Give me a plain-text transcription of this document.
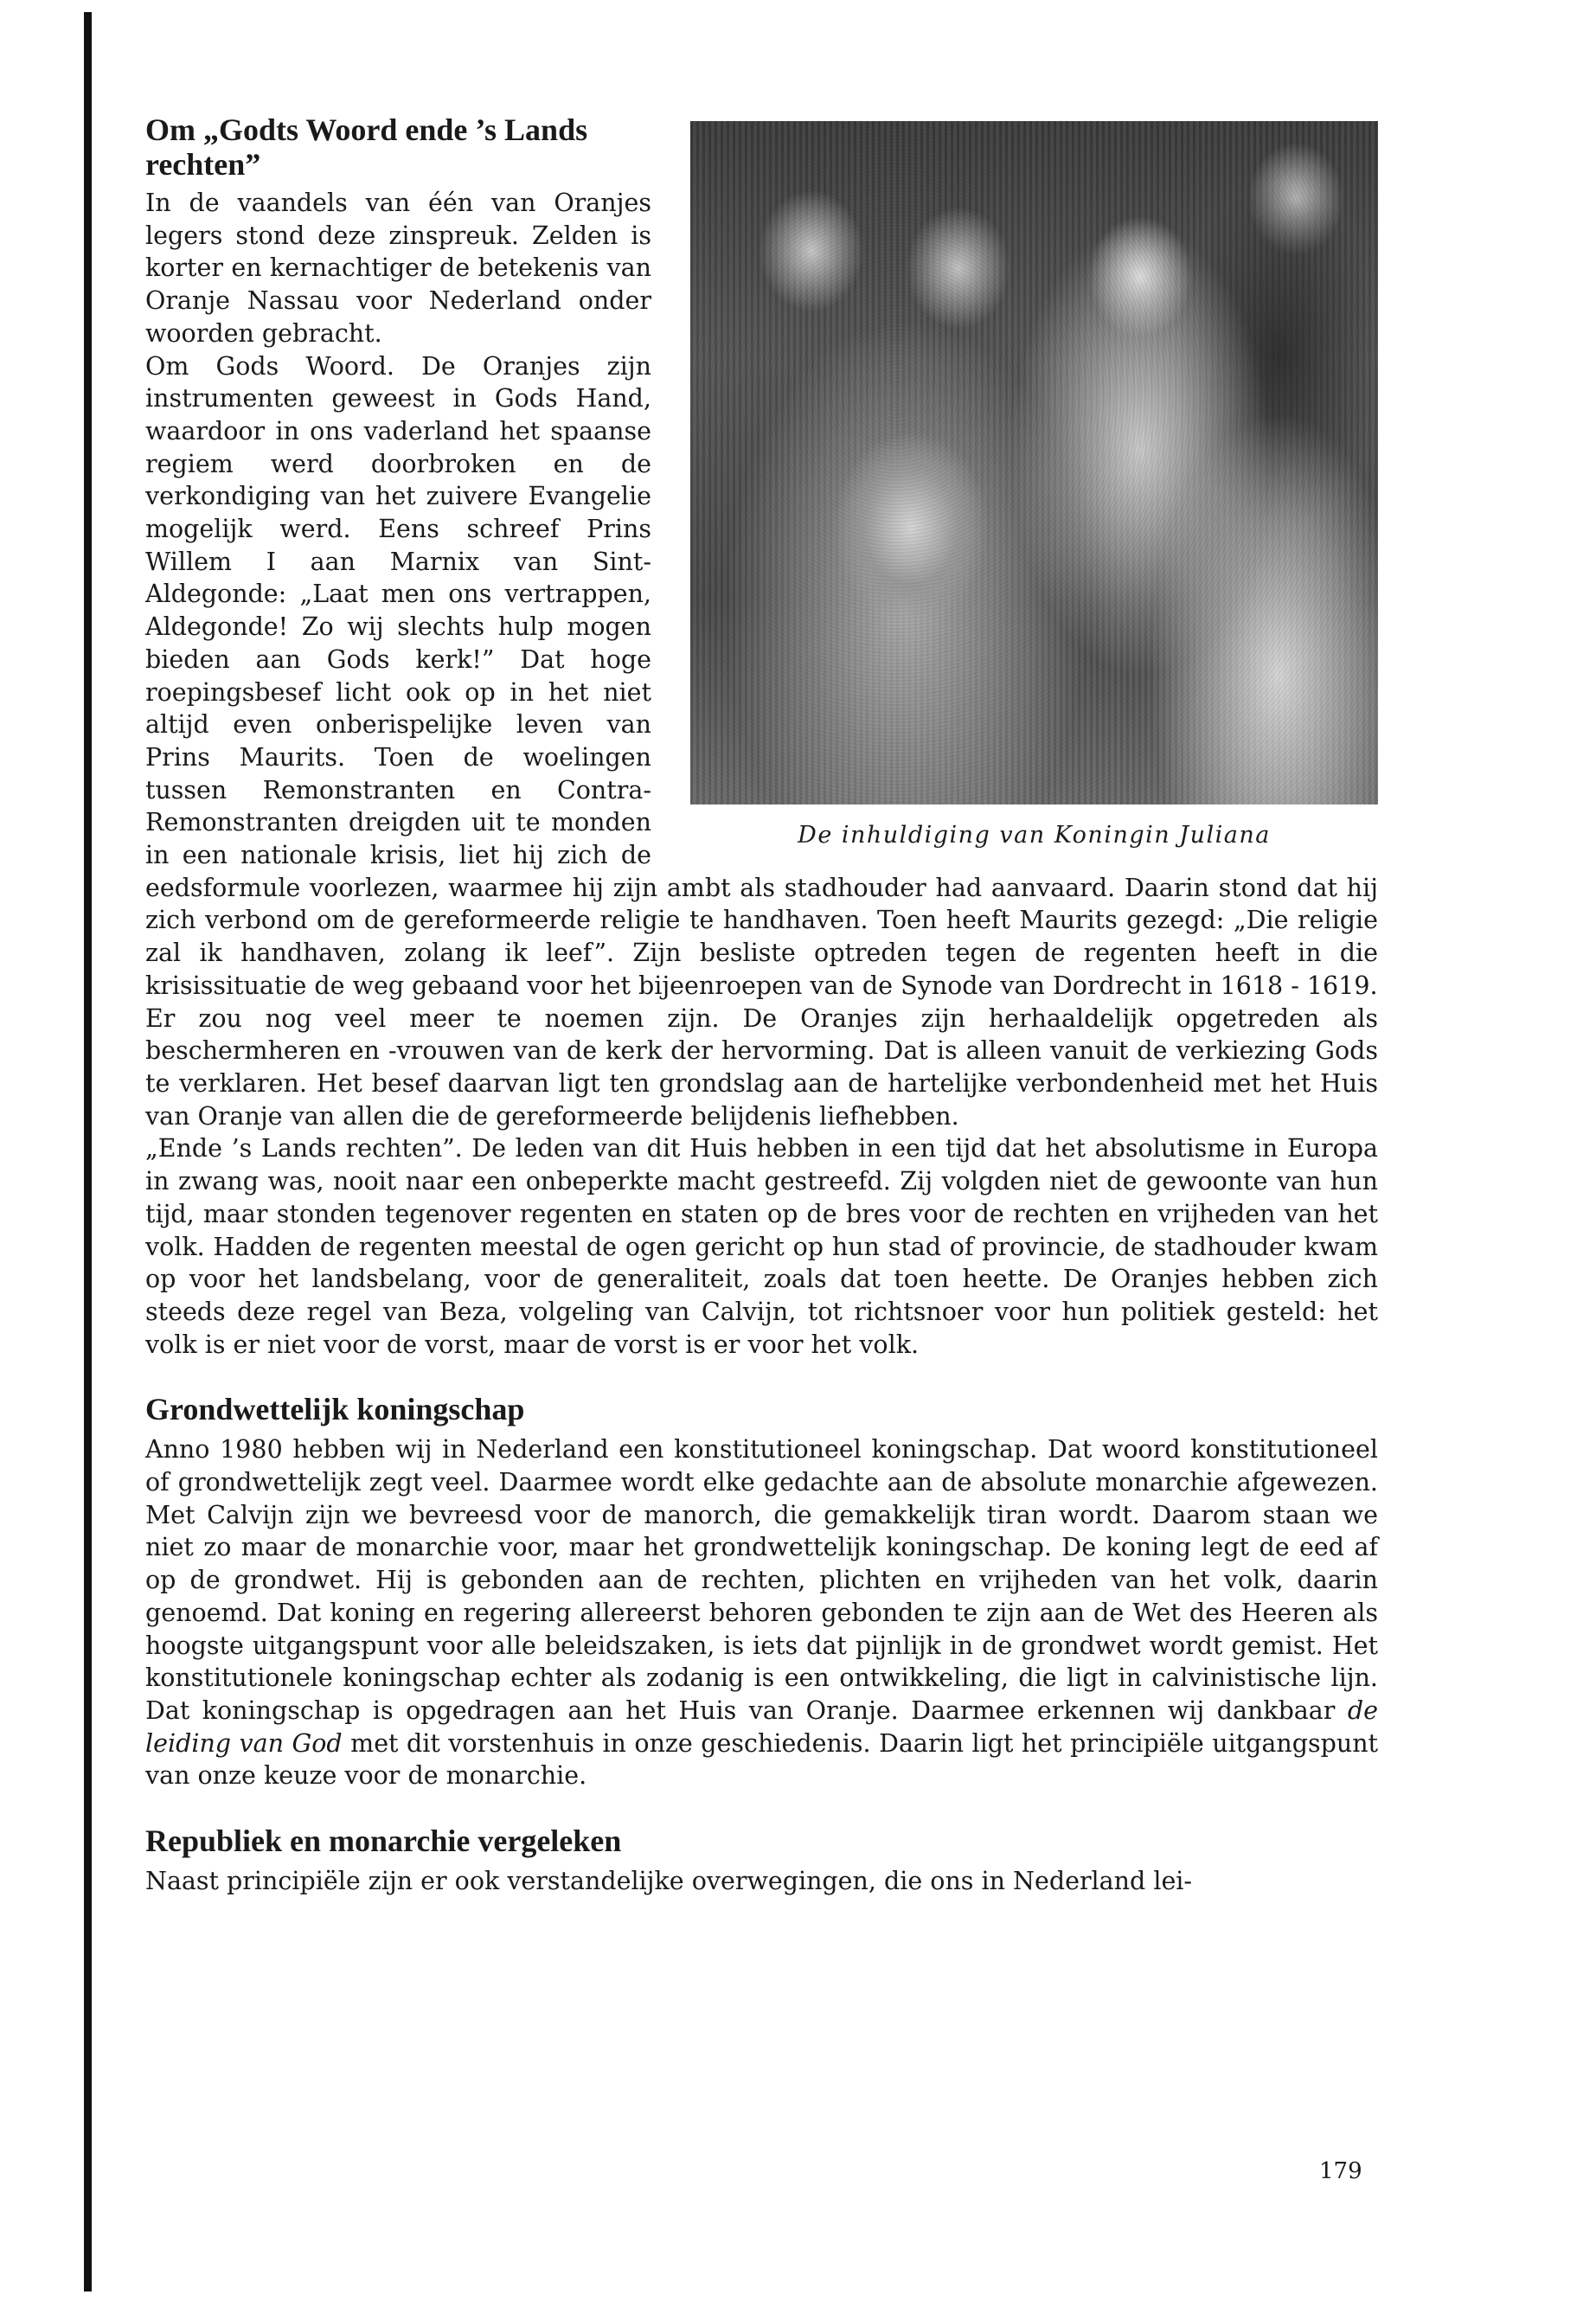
De inhuldiging van Koningin Juliana
Om „Godts Woord ende ’s Lands rechten”

In de vaandels van één van Oranjes legers stond deze zinspreuk. Zelden is korter en kernachtiger de betekenis van Oranje Nassau voor Nederland onder woorden gebracht.

Om Gods Woord. De Oranjes zijn instrumenten geweest in Gods Hand, waardoor in ons vaderland het spaanse regiem werd doorbroken en de verkondiging van het zuivere Evangelie mogelijk werd. Eens schreef Prins Willem I aan Marnix van Sint-Aldegonde: „Laat men ons vertrappen, Aldegonde! Zo wij slechts hulp mogen bieden aan Gods kerk!” Dat hoge roepingsbesef licht ook op in het niet altijd even onberispelijke leven van Prins Maurits. Toen de woelingen tussen Remonstranten en Contra-Remonstranten dreigden uit te monden in een nationale krisis, liet hij zich de eedsformule voorlezen, waarmee hij zijn ambt als stadhouder had aanvaard. Daarin stond dat hij zich verbond om de gereformeerde religie te handhaven. Toen heeft Maurits gezegd: „Die religie zal ik handhaven, zolang ik leef”. Zijn besliste optreden tegen de regenten heeft in die krisissituatie de weg gebaand voor het bijeenroepen van de Synode van Dordrecht in 1618 - 1619.

Er zou nog veel meer te noemen zijn. De Oranjes zijn herhaaldelijk opgetreden als beschermheren en -vrouwen van de kerk der hervorming. Dat is alleen vanuit de verkiezing Gods te verklaren. Het besef daarvan ligt ten grondslag aan de hartelijke verbondenheid met het Huis van Oranje van allen die de gereformeerde belijdenis liefhebben.

„Ende ’s Lands rechten”. De leden van dit Huis hebben in een tijd dat het absolutisme in Europa in zwang was, nooit naar een onbeperkte macht gestreefd. Zij volgden niet de gewoonte van hun tijd, maar stonden tegenover regenten en staten op de bres voor de rechten en vrijheden van het volk. Hadden de regenten meestal de ogen gericht op hun stad of provincie, de stadhouder kwam op voor het landsbelang, voor de generaliteit, zoals dat toen heette. De Oranjes hebben zich steeds deze regel van Beza, volgeling van Calvijn, tot richtsnoer voor hun politiek gesteld: het volk is er niet voor de vorst, maar de vorst is er voor het volk.

Grondwettelijk koningschap

Anno 1980 hebben wij in Nederland een konstitutioneel koningschap. Dat woord konstitutioneel of grondwettelijk zegt veel. Daarmee wordt elke gedachte aan de absolute monarchie afgewezen. Met Calvijn zijn we bevreesd voor de manorch, die gemakkelijk tiran wordt. Daarom staan we niet zo maar de monarchie voor, maar het grondwettelijk koningschap. De koning legt de eed af op de grondwet. Hij is gebonden aan de rechten, plichten en vrijheden van het volk, daarin genoemd. Dat koning en regering allereerst behoren gebonden te zijn aan de Wet des Heeren als hoogste uitgangspunt voor alle beleidszaken, is iets dat pijnlijk in de grondwet wordt gemist. Het konstitutionele koningschap echter als zodanig is een ontwikkeling, die ligt in calvinistische lijn. Dat koningschap is opgedragen aan het Huis van Oranje. Daarmee erkennen wij dankbaar de leiding van God met dit vorstenhuis in onze geschiedenis. Daarin ligt het principiële uitgangspunt van onze keuze voor de monarchie.

Republiek en monarchie vergeleken

Naast principiële zijn er ook verstandelijke overwegingen, die ons in Nederland lei-

179
